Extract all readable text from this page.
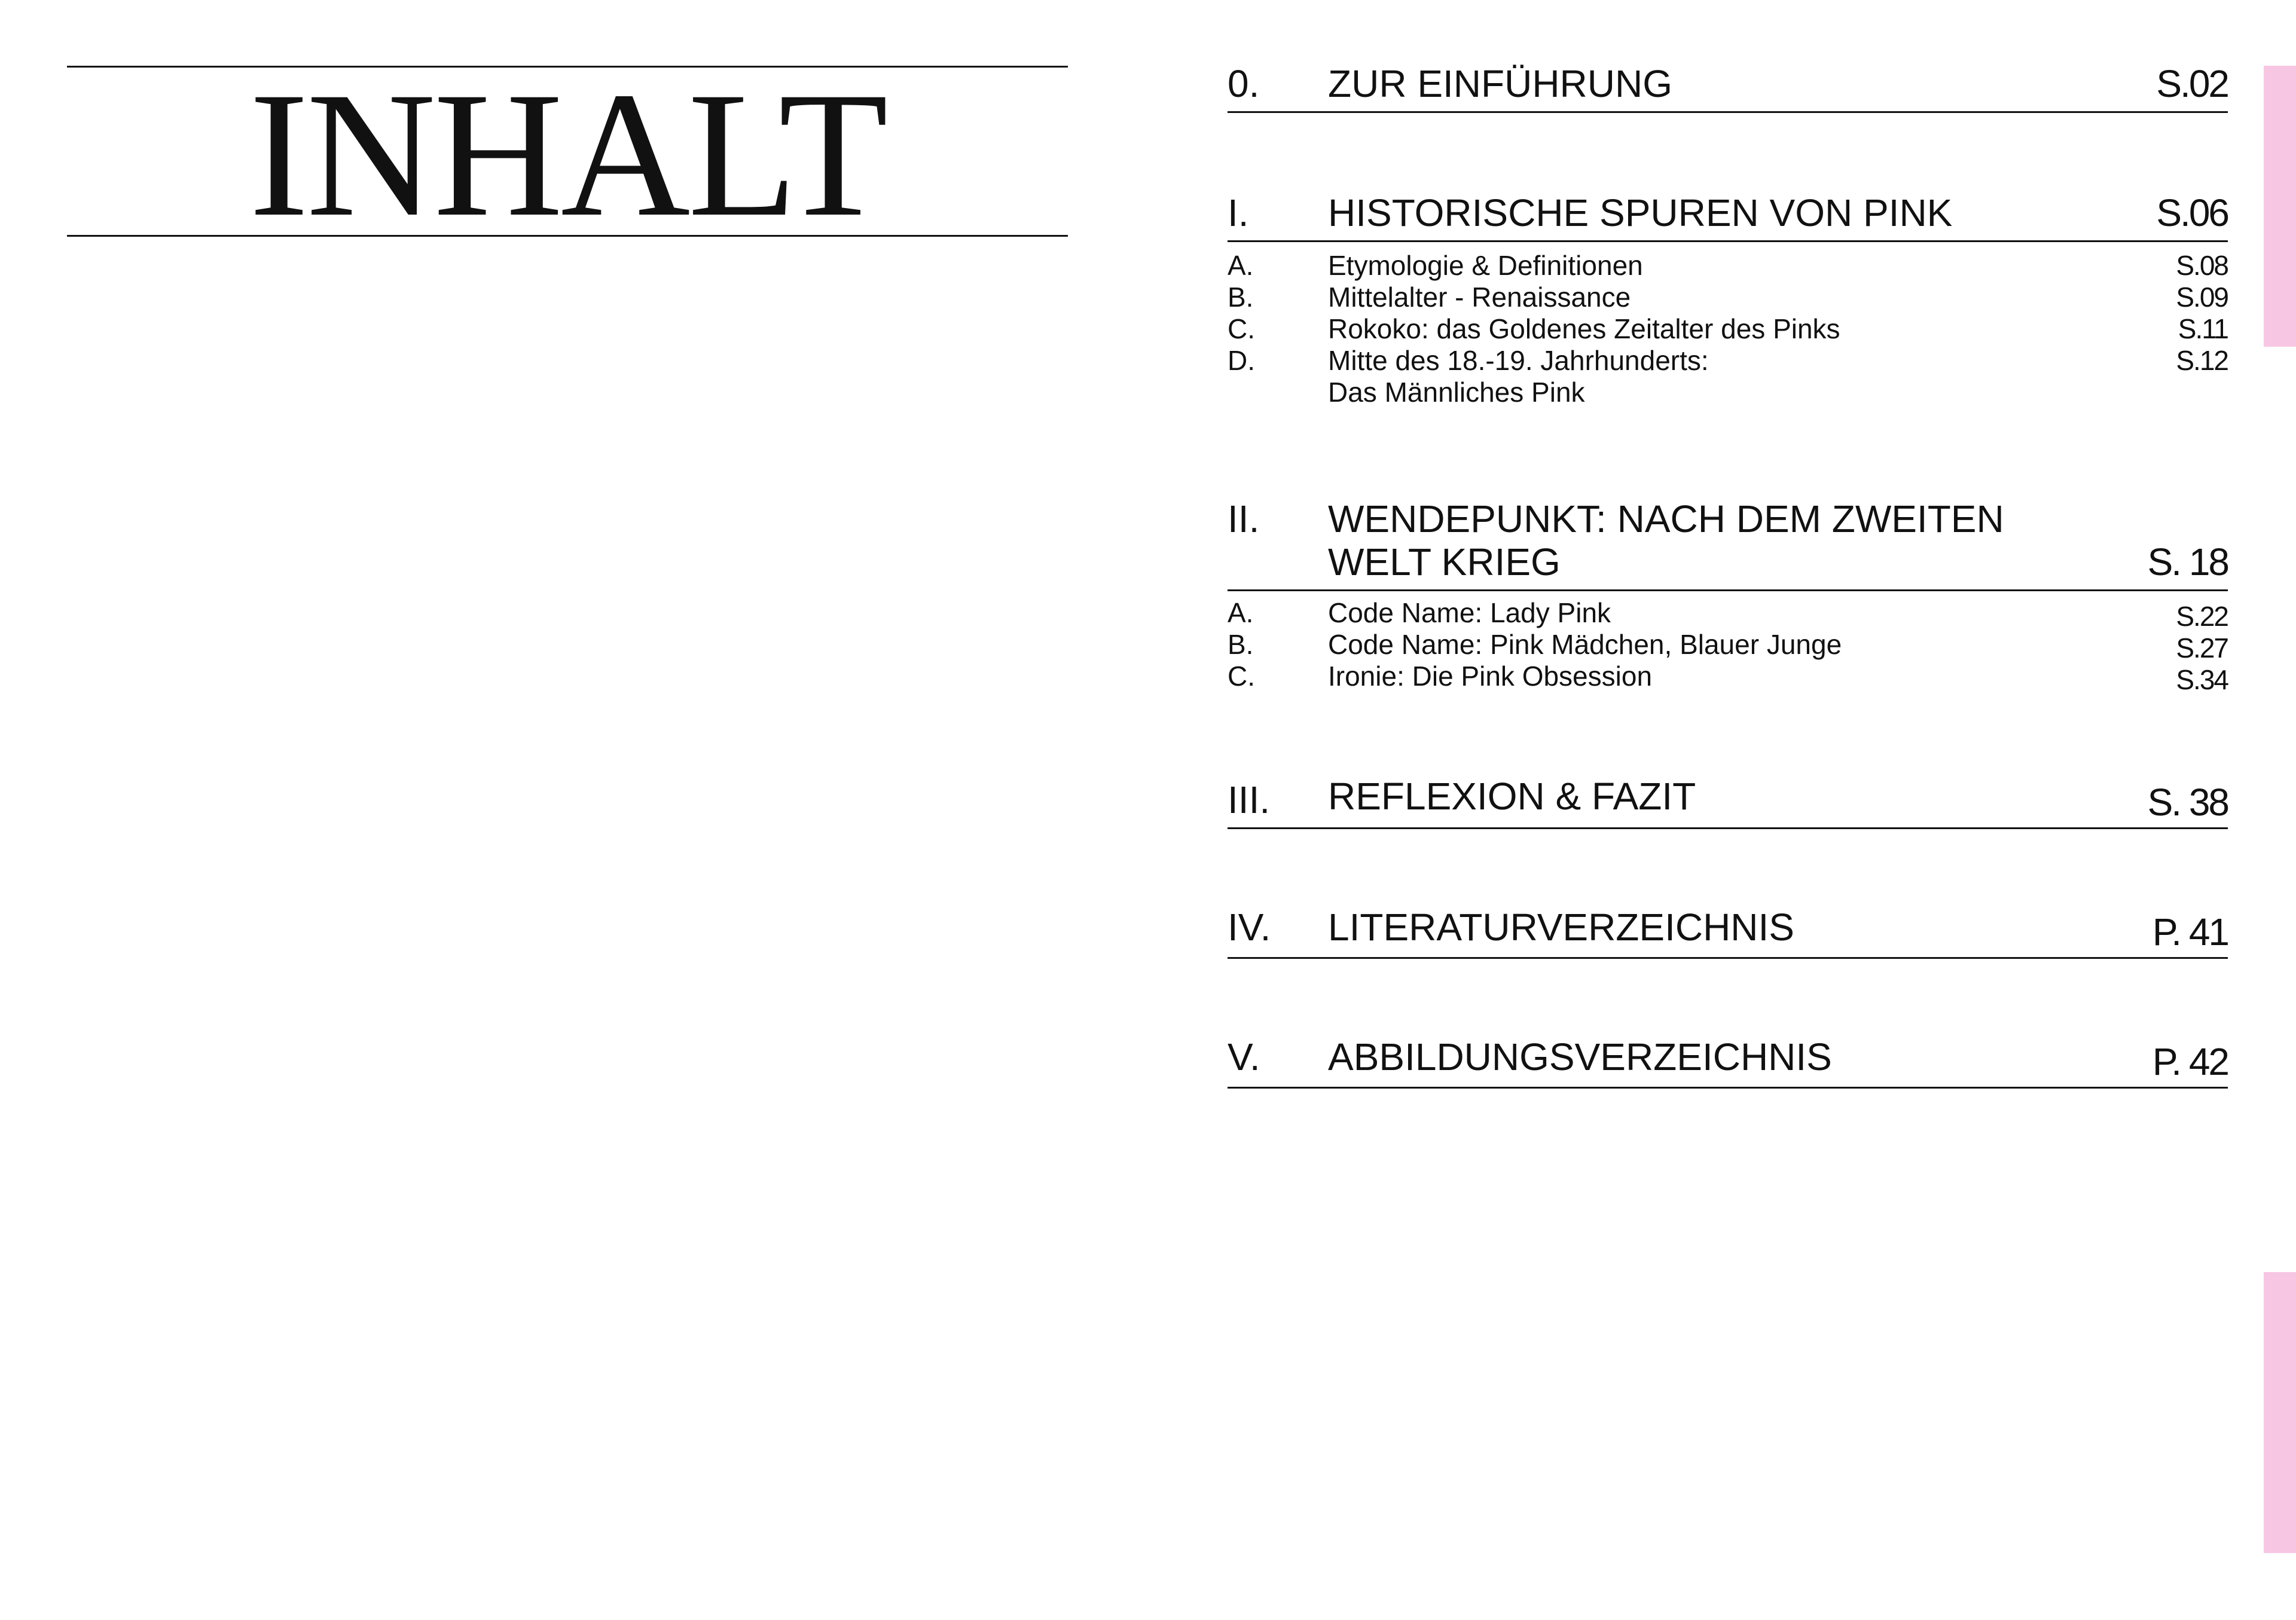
INHALT	0. ZUR EINFÜHRUNG	S.02
I. HISTORISCHE SPUREN VON PINK	S.06
A.	Etymologie & Definitionen	S.08
B.	Mittelalter - Renaissance	S.09
C.	Rokoko: das Goldenes Zeitalter des Pinks	S.11
D.	Mitte des 18.-19. Jahrhunderts:	S.12
Das Männliches Pink
II. WENDEPUNKT: NACH DEM ZWEITEN
WELT KRIEG	S. 18
A.	Code Name: Lady Pink	S.22
B.	Code Name: Pink Mädchen, Blauer Junge	S.27
C.	Ironie: Die Pink Obsession	S.34
III. REFLEXION & FAZIT	S. 38
IV. LITERATURVERZEICHNIS	P. 41
V. ABBILDUNGSVERZEICHNIS	P. 42
